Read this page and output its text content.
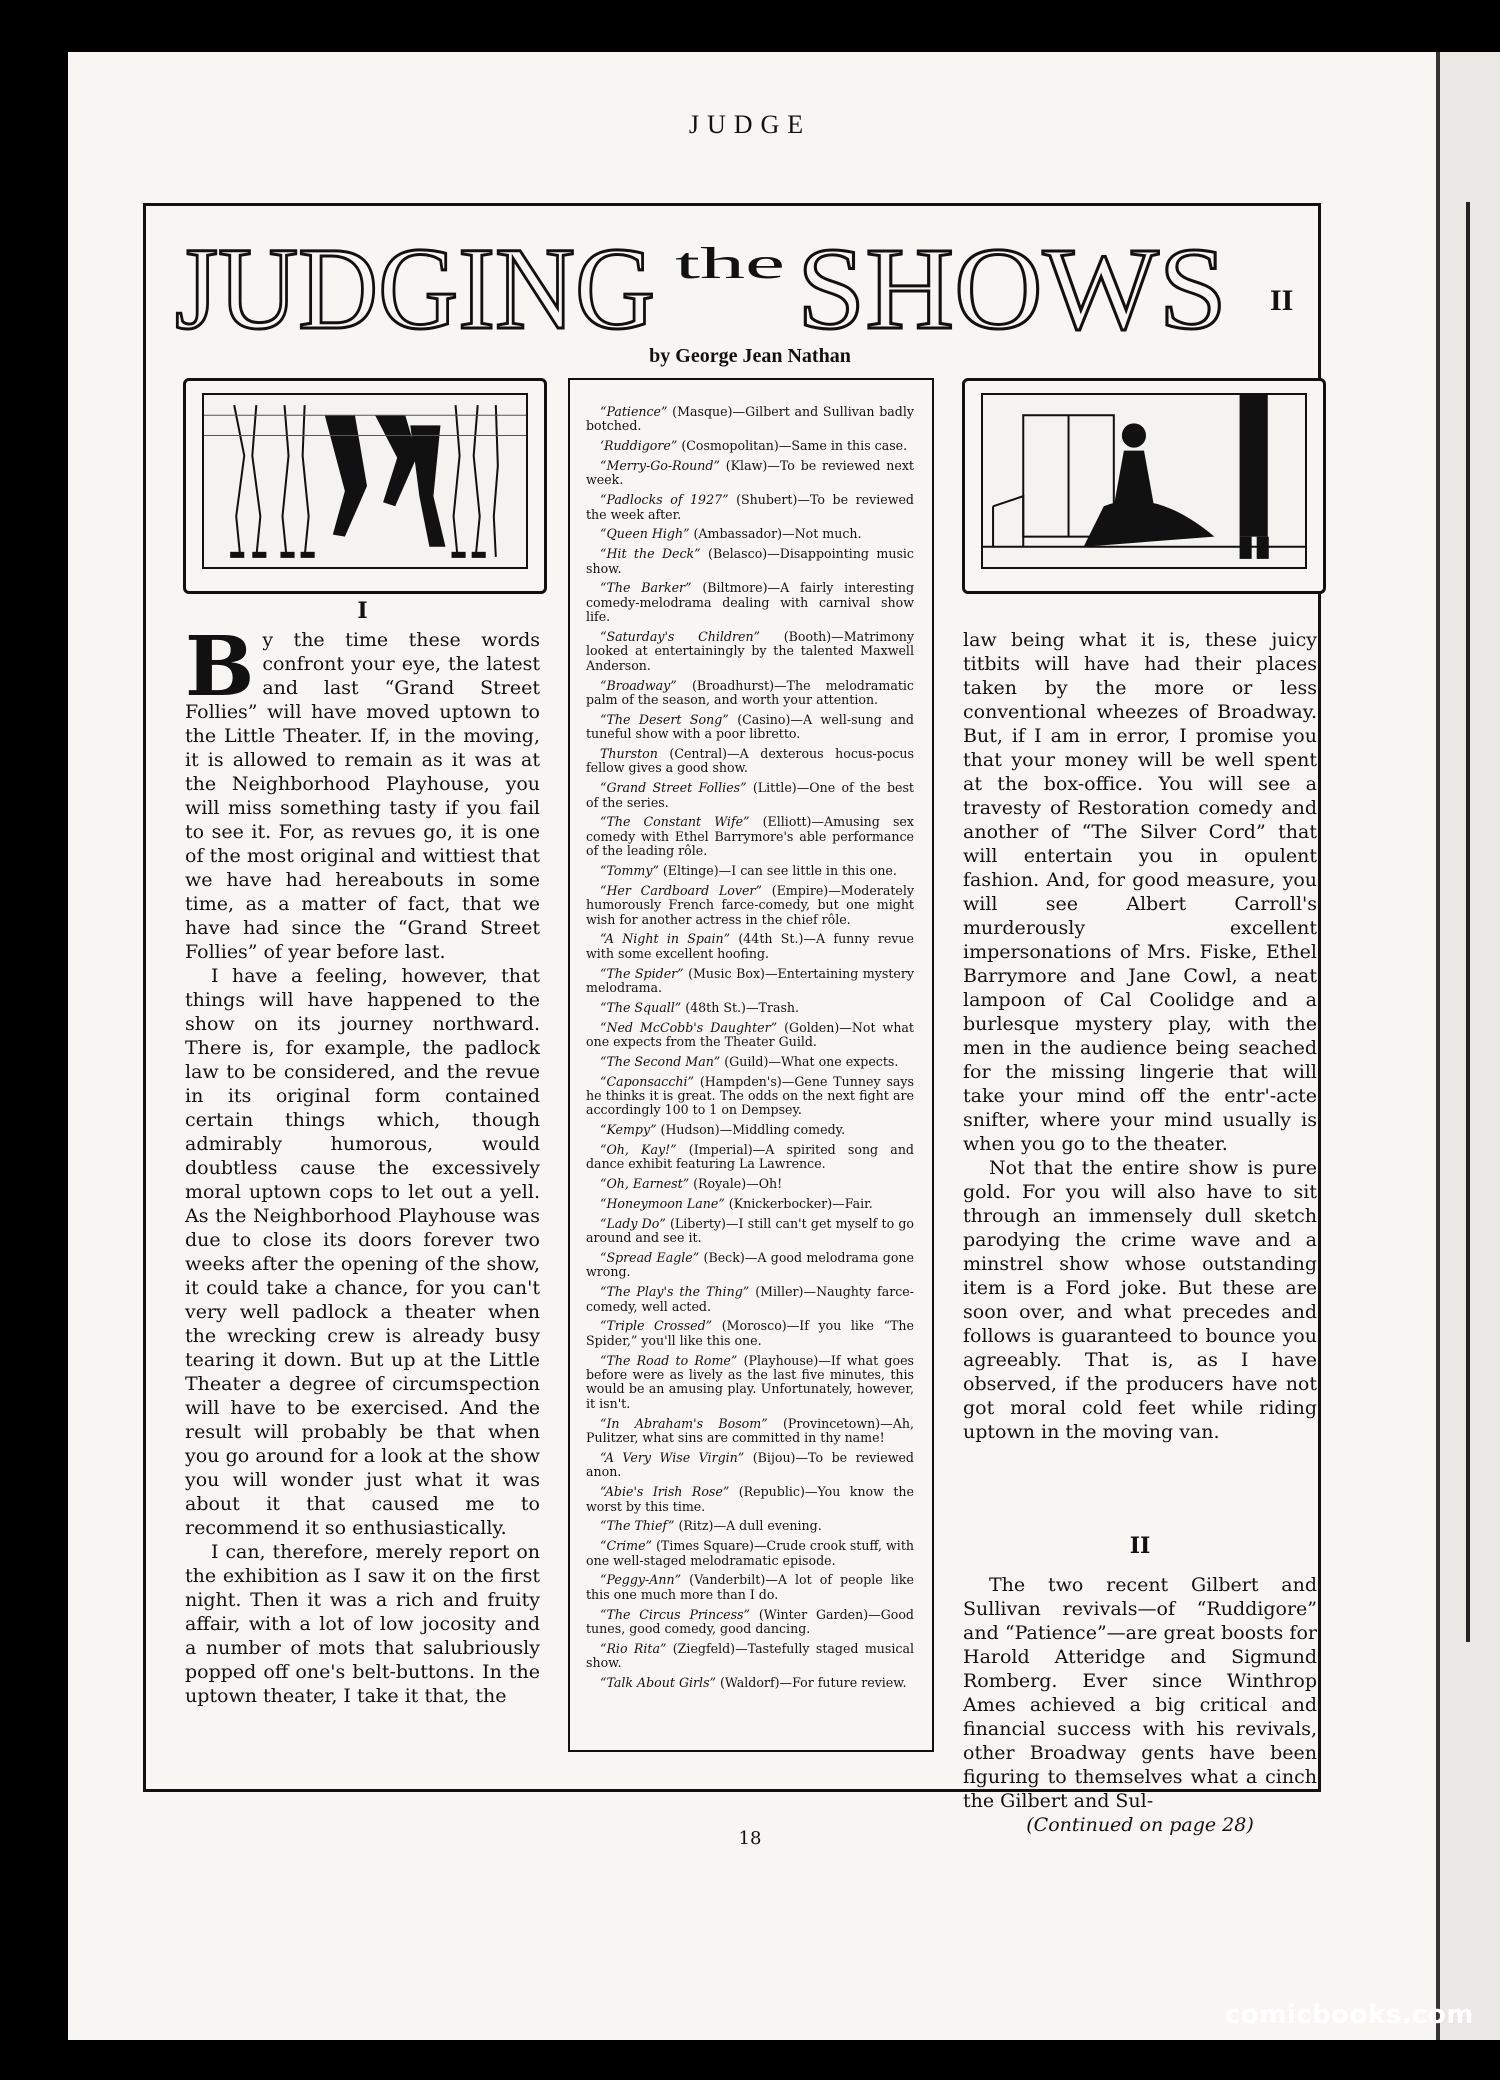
JUDGE
JUDGING the SHOWS II
by George Jean Nathan
I

By the time these words confront your eye, the latest and last “Grand Street Follies” will have moved uptown to the Little Theater. If, in the moving, it is allowed to remain as it was at the Neighborhood Playhouse, you will miss something tasty if you fail to see it. For, as revues go, it is one of the most original and wittiest that we have had hereabouts in some time, as a matter of fact, that we have had since the “Grand Street Follies” of year before last.

I have a feeling, however, that things will have happened to the show on its journey northward. There is, for example, the padlock law to be considered, and the revue in its original form contained certain things which, though admirably humorous, would doubtless cause the excessively moral uptown cops to let out a yell. As the Neighborhood Playhouse was due to close its doors forever two weeks after the opening of the show, it could take a chance, for you can't very well padlock a theater when the wrecking crew is already busy tearing it down. But up at the Little Theater a degree of circumspection will have to be exercised. And the result will probably be that when you go around for a look at the show you will wonder just what it was about it that caused me to recommend it so enthusiastically.

I can, therefore, merely report on the exhibition as I saw it on the first night. Then it was a rich and fruity affair, with a lot of low jocosity and a number of mots that salubriously popped off one's belt-buttons. In the uptown theater, I take it that, the

“Patience” (Masque)—Gilbert and Sullivan badly botched.

‘Ruddigore” (Cosmopolitan)—Same in this case.

“Merry-Go-Round” (Klaw)—To be reviewed next week.

“Padlocks of 1927” (Shubert)—To be reviewed the week after.

“Queen High” (Ambassador)—Not much.

“Hit the Deck” (Belasco)—Disappointing music show.

“The Barker” (Biltmore)—A fairly interesting comedy-melodrama dealing with carnival show life.

“Saturday's Children” (Booth)—Matrimony looked at entertainingly by the talented Maxwell Anderson.

“Broadway” (Broadhurst)—The melodramatic palm of the season, and worth your attention.

“The Desert Song” (Casino)—A well-sung and tuneful show with a poor libretto.

Thurston (Central)—A dexterous hocus-pocus fellow gives a good show.

“Grand Street Follies” (Little)—One of the best of the series.

“The Constant Wife” (Elliott)—Amusing sex comedy with Ethel Barrymore's able performance of the leading rôle.

“Tommy” (Eltinge)—I can see little in this one.

“Her Cardboard Lover” (Empire)—Moderately humorously French farce-comedy, but one might wish for another actress in the chief rôle.

“A Night in Spain” (44th St.)—A funny revue with some excellent hoofing.

“The Spider” (Music Box)—Entertaining mystery melodrama.

“The Squall” (48th St.)—Trash.

“Ned McCobb's Daughter” (Golden)—Not what one expects from the Theater Guild.

“The Second Man” (Guild)—What one expects.

“Caponsacchi” (Hampden's)—Gene Tunney says he thinks it is great. The odds on the next fight are accordingly 100 to 1 on Dempsey.

“Kempy” (Hudson)—Middling comedy.

“Oh, Kay!” (Imperial)—A spirited song and dance exhibit featuring La Lawrence.

“Oh, Earnest” (Royale)—Oh!

“Honeymoon Lane” (Knickerbocker)—Fair.

“Lady Do” (Liberty)—I still can't get myself to go around and see it.

“Spread Eagle” (Beck)—A good melodrama gone wrong.

“The Play's the Thing” (Miller)—Naughty farce-comedy, well acted.

“Triple Crossed” (Morosco)—If you like “The Spider,” you'll like this one.

“The Road to Rome” (Playhouse)—If what goes before were as lively as the last five minutes, this would be an amusing play. Unfortunately, however, it isn't.

“In Abraham's Bosom” (Provincetown)—Ah, Pulitzer, what sins are committed in thy name!

“A Very Wise Virgin” (Bijou)—To be reviewed anon.

“Abie's Irish Rose” (Republic)—You know the worst by this time.

“The Thief” (Ritz)—A dull evening.

“Crime” (Times Square)—Crude crook stuff, with one well-staged melodramatic episode.

“Peggy-Ann” (Vanderbilt)—A lot of people like this one much more than I do.

“The Circus Princess” (Winter Garden)—Good tunes, good comedy, good dancing.

“Rio Rita” (Ziegfeld)—Tastefully staged musical show.

“Talk About Girls” (Waldorf)—For future review.

law being what it is, these juicy titbits will have had their places taken by the more or less conventional wheezes of Broadway. But, if I am in error, I promise you that your money will be well spent at the box-office. You will see a travesty of Restoration comedy and another of “The Silver Cord” that will entertain you in opulent fashion. And, for good measure, you will see Albert Carroll's murderously excellent impersonations of Mrs. Fiske, Ethel Barrymore and Jane Cowl, a neat lampoon of Cal Coolidge and a burlesque mystery play, with the men in the audience being seached for the missing lingerie that will take your mind off the entr'-acte snifter, where your mind usually is when you go to the theater.

Not that the entire show is pure gold. For you will also have to sit through an immensely dull sketch parodying the crime wave and a minstrel show whose outstanding item is a Ford joke. But these are soon over, and what precedes and follows is guaranteed to bounce you agreeably. That is, as I have observed, if the producers have not got moral cold feet while riding uptown in the moving van.

II

The two recent Gilbert and Sullivan revivals—of “Ruddigore” and “Patience”—are great boosts for Harold Atteridge and Sigmund Romberg. Ever since Winthrop Ames achieved a big critical and financial success with his revivals, other Broadway gents have been figuring to themselves what a cinch the Gilbert and Sul-

(Continued on page 28)

18
comicbooks.com
